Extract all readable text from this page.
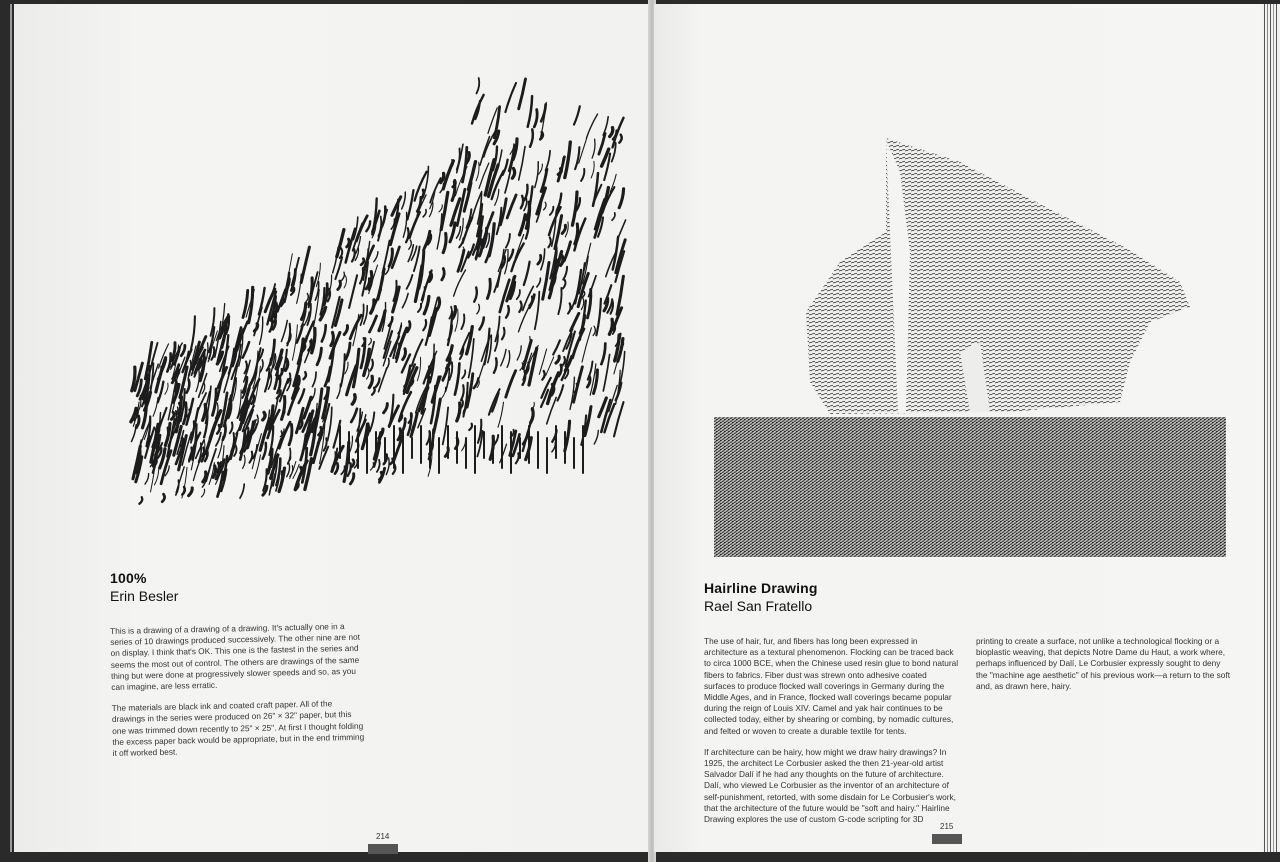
100%
Erin Besler

This is a drawing of a drawing of a drawing. It's actually one in a series of 10 drawings produced successively. The other nine are not on display. I think that's OK. This one is the fastest in the series and seems the most out of control. The others are drawings of the same thing but were done at progressively slower speeds and so, as you can imagine, are less erratic.

The materials are black ink and coated craft paper. All of the drawings in the series were produced on 26" × 32" paper, but this one was trimmed down recently to 25" × 25". At first I thought folding the excess paper back would be appropriate, but in the end trimming it off worked best.

214
Hairline Drawing
Rael San Fratello

The use of hair, fur, and fibers has long been expressed in architecture as a textural phenomenon. Flocking can be traced back to circa 1000 BCE, when the Chinese used resin glue to bond natural fibers to fabrics. Fiber dust was strewn onto adhesive coated surfaces to produce flocked wall coverings in Germany during the Middle Ages, and in France, flocked wall coverings became popular during the reign of Louis XIV. Camel and yak hair continues to be collected today, either by shearing or combing, by nomadic cultures, and felted or woven to create a durable textile for tents.

If architecture can be hairy, how might we draw hairy drawings? In 1925, the architect Le Corbusier asked the then 21-year-old artist Salvador Dalí if he had any thoughts on the future of architecture. Dalí, who viewed Le Corbusier as the inventor of an architecture of self-punishment, retorted, with some disdain for Le Corbusier's work, that the architecture of the future would be "soft and hairy." Hairline Drawing explores the use of custom G-code scripting for 3D

printing to create a surface, not unlike a technological flocking or a bioplastic weaving, that depicts Notre Dame du Haut, a work where, perhaps influenced by Dalí, Le Corbusier expressly sought to deny the "machine age aesthetic" of his previous work—a return to the soft and, as drawn here, hairy.

215
